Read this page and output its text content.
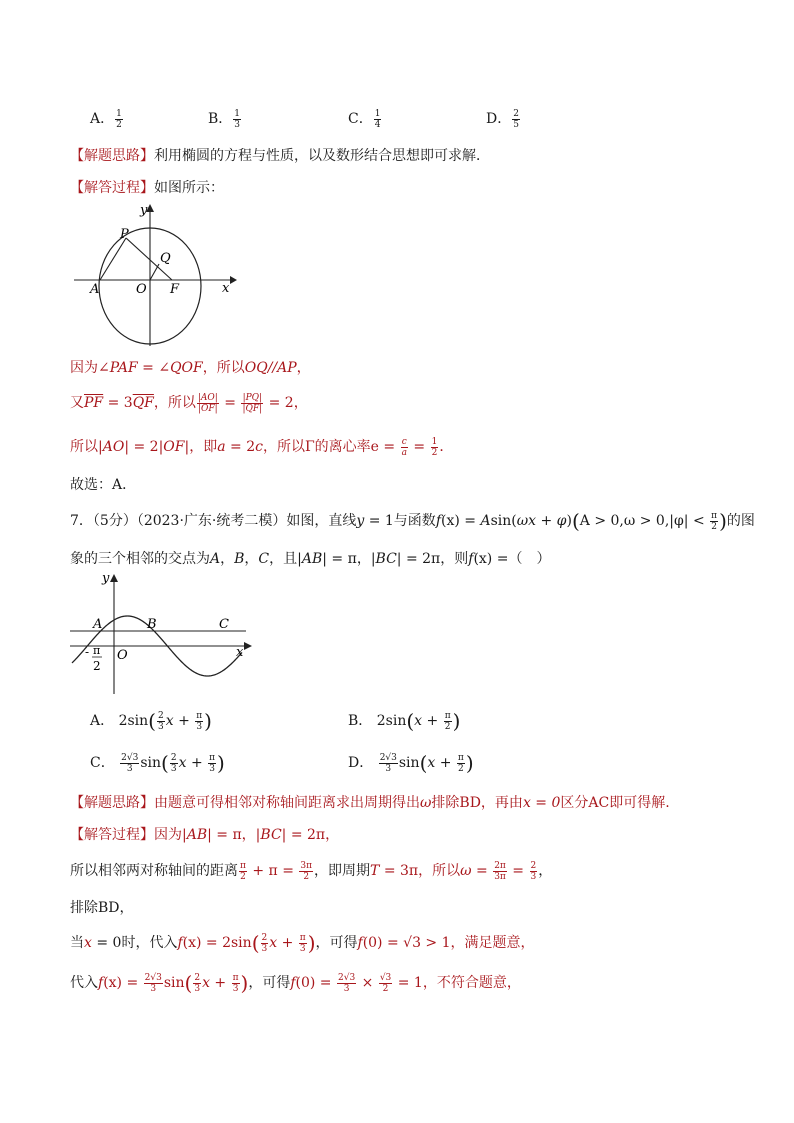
A． $\frac{1}{2}$	B． $\frac{1}{3}$	C． $\frac{1}{4}$	D． $\frac{2}{5}$
【解题思路】利用椭圆的方程与性质，以及数形结合思想即可求解．
【解答过程】如图所示：
y
x
P
Q
A	O F
因为∠PAF = ∠QOF，所以OQ//AP，
又$\overline{PF} = 3\overline{QF}$，所以 $\frac{|AO|}{|OF|} = \frac{|PQ|}{|QF|} = 2$，
所以|AO| = 2|OF|，即a = 2c，所以Γ的离心率$e = \frac{c}{a} = \frac{1}{2}$ ．
故选：A．
7．（5分）（2023·广东·统考二模）如图，直线y = 1与函数$f(x) = Asin(\omega x + \varphi)(A > 0,\omega > 0,|\varphi| < \frac{\pi}{2}$ )的图
象的三个相邻的交点为A，B，C，且|AB| = π，|BC| = 2π，则f(x) =（　）
y
x
A	B	C
O
- π
2
A． $2\sin( \frac{2}{3}$ $x + \frac{\pi}{3}$ )	B． $2\sin(x + \frac{\pi}{2}$ )
C． $\frac{2√3}{3} \sin( \frac{2}{3}$ $x + \frac{\pi}{3}$ )	D． $\frac{2√3}{3} \sin(x + \frac{\pi}{2}$ )
【解题思路】由题意可得相邻对称轴间距离求出周期得出ω排除BD，再由x = 0区分AC即可得解.
【解答过程】因为|AB| = π，|BC| = 2π，
所以相邻两对称轴间的距离 $\frac{\pi}{2} + \pi = \frac{3\pi}{2}$ ，即周期T = 3π，所以$\omega = \frac{2\pi}{3\pi} = \frac{2}{3}$ ，
排除BD，
当x = 0时，代入$f(x) = 2\sin( \frac{2}{3}$ $x + \frac{\pi}{3}$ )，可得f(0) = √3 > 1，满足题意，
代入$f(x) = \frac{2√3}{3} \sin( \frac{2}{3}$ $x + \frac{\pi}{3}$ )，可得$f(0) = \frac{2√3}{3} \times \frac{√3}{2} = 1$，不符合题意，
